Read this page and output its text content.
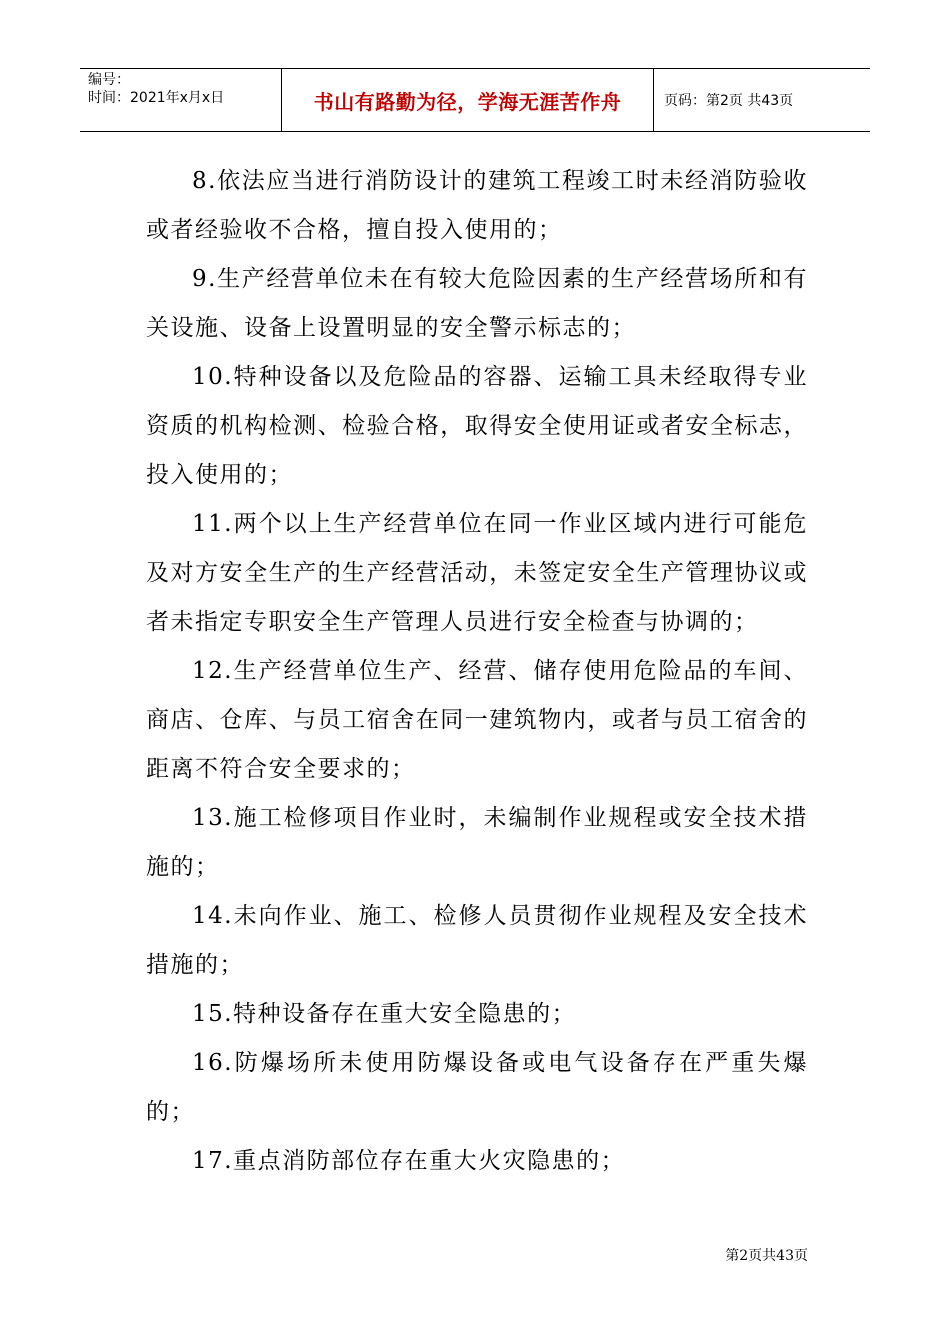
编号：
时间：2021年x月x日	书山有路勤为径，学海无涯苦作舟	页码：第2页 共43页

8.依法应当进行消防设计的建筑工程竣工时未经消防验收或者经验收不合格，擅自投入使用的；

9.生产经营单位未在有较大危险因素的生产经营场所和有关设施、设备上设置明显的安全警示标志的；

10.特种设备以及危险品的容器、运输工具未经取得专业资质的机构检测、检验合格，取得安全使用证或者安全标志，投入使用的；

11.两个以上生产经营单位在同一作业区域内进行可能危及对方安全生产的生产经营活动，未签定安全生产管理协议或者未指定专职安全生产管理人员进行安全检查与协调的；

12.生产经营单位生产、经营、储存使用危险品的车间、商店、仓库、与员工宿舍在同一建筑物内，或者与员工宿舍的距离不符合安全要求的；

13.施工检修项目作业时，未编制作业规程或安全技术措施的；

14.未向作业、施工、检修人员贯彻作业规程及安全技术措施的；

15.特种设备存在重大安全隐患的；

16.防爆场所未使用防爆设备或电气设备存在严重失爆的；

17.重点消防部位存在重大火灾隐患的；

第2页共43页
